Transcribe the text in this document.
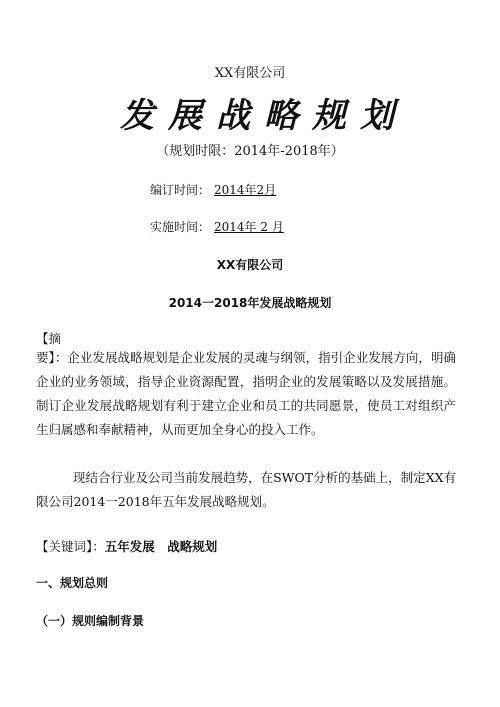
XX有限公司
发展战略规划
（规划时限：2014年-2018年）
编订时间： 2014年2月
实施时间： 2014年 2 月
XX有限公司
2014一2018年发展战略规划
【摘
要】：企业发展战略规划是企业发展的灵魂与纲领，指引企业发展方向，明确企业的业务领域，指导企业资源配置，指明企业的发展策略以及发展措施。制订企业发展战略规划有利于建立企业和员工的共同愿景，使员工对组织产生归属感和奉献精神，从而更加全身心的投入工作。
现结合行业及公司当前发展趋势，在SWOT分析的基础上，制定XX有限公司2014一2018年五年发展战略规划。
【关键词】：五年发展　战略规划
一、规划总则
（一）规则编制背景
